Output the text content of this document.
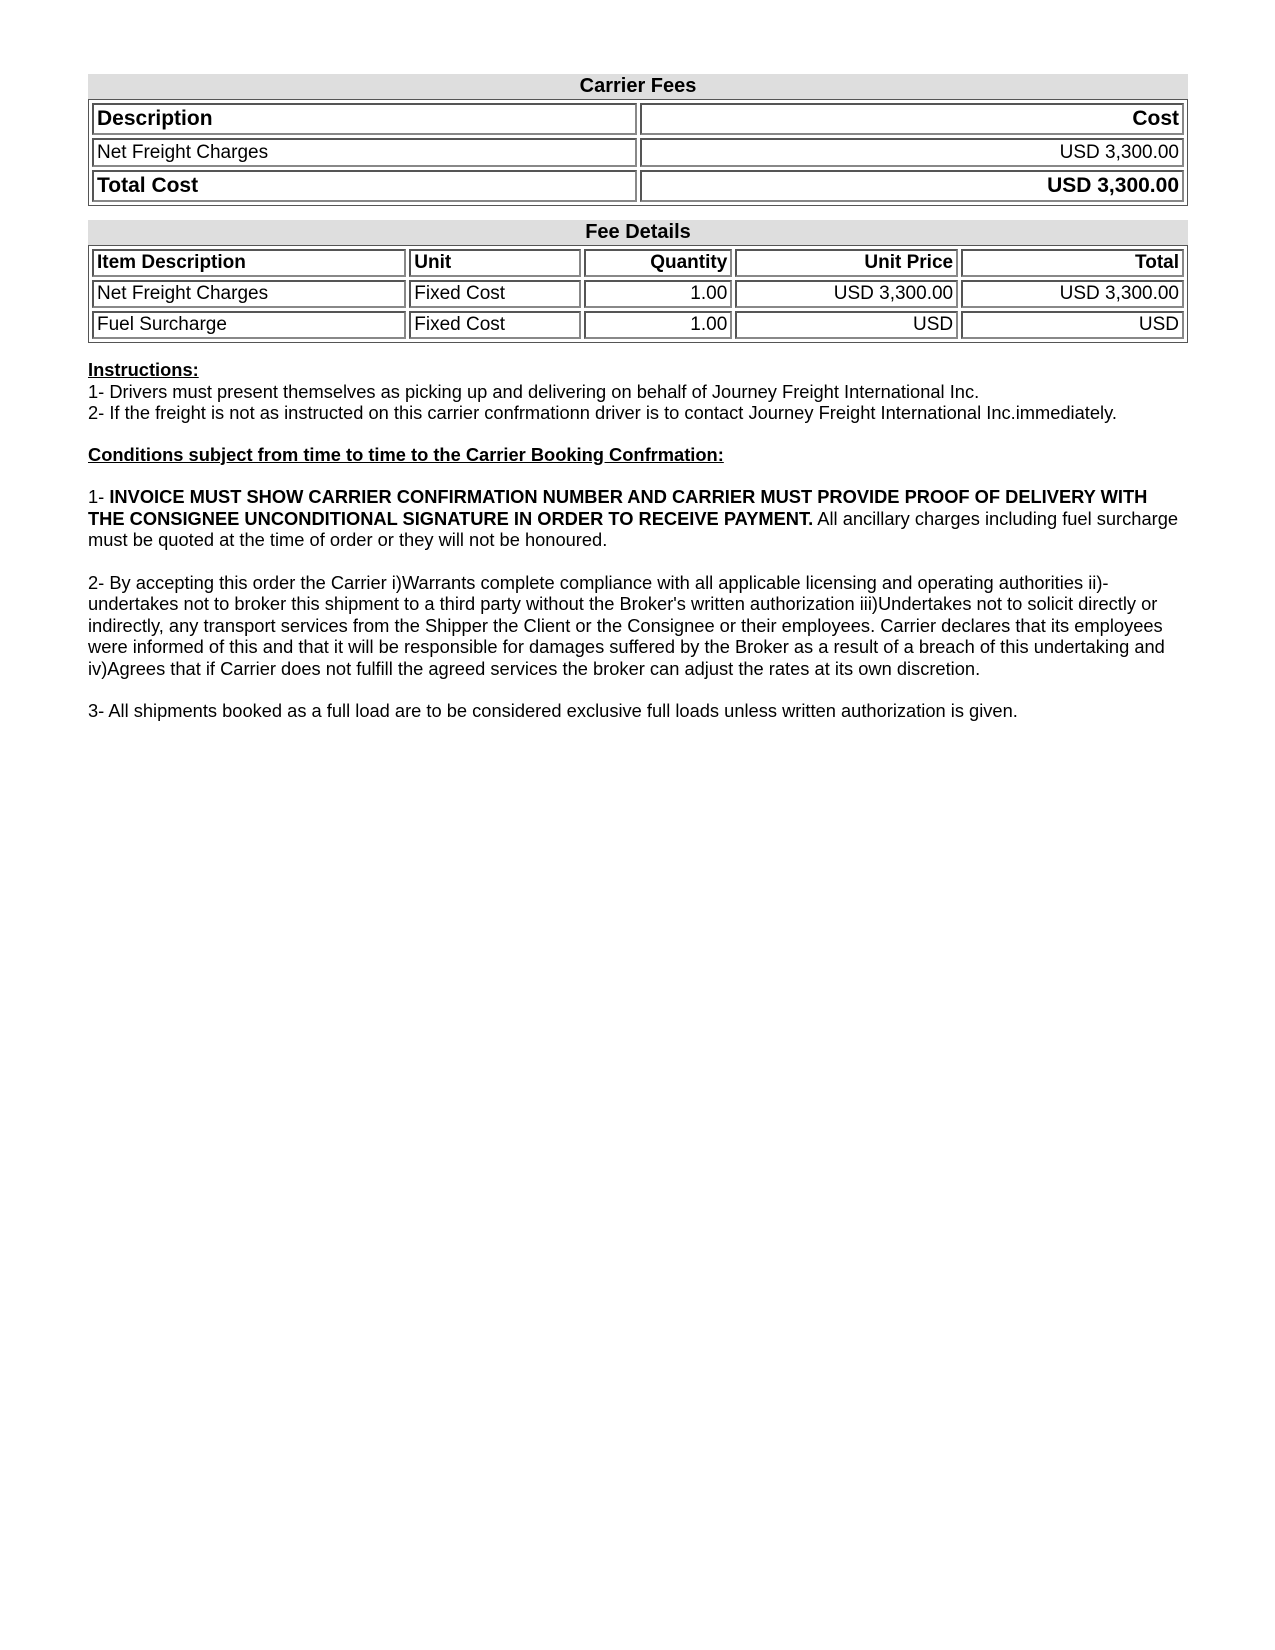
Carrier Fees
Description	Cost
Net Freight Charges	USD 3,300.00
Total Cost	USD 3,300.00
Fee Details
Item Description	Unit	Quantity	Unit Price	Total
Net Freight Charges	Fixed Cost	1.00	USD 3,300.00	USD 3,300.00
Fuel Surcharge	Fixed Cost	1.00	USD	USD
Instructions:
1- Drivers must present themselves as picking up and delivering on behalf of Journey Freight International Inc.
2- If the freight is not as instructed on this carrier confrmationn driver is to contact Journey Freight International Inc.immediately.
Conditions subject from time to time to the Carrier Booking Confrmation:

1- INVOICE MUST SHOW CARRIER CONFIRMATION NUMBER AND CARRIER MUST PROVIDE PROOF OF DELIVERY WITH THE CONSIGNEE UNCONDITIONAL SIGNATURE IN ORDER TO RECEIVE PAYMENT. All ancillary charges including fuel surcharge must be quoted at the time of order or they will not be honoured.

2- By accepting this order the Carrier i)Warrants complete compliance with all applicable licensing and operating authorities ii)-undertakes not to broker this shipment to a third party without the Broker's written authorization iii)Undertakes not to solicit directly or indirectly, any transport services from the Shipper the Client or the Consignee or their employees. Carrier declares that its employees were informed of this and that it will be responsible for damages suffered by the Broker as a result of a breach of this undertaking and iv)Agrees that if Carrier does not fulfill the agreed services the broker can adjust the rates at its own discretion.

3- All shipments booked as a full load are to be considered exclusive full loads unless written authorization is given.
